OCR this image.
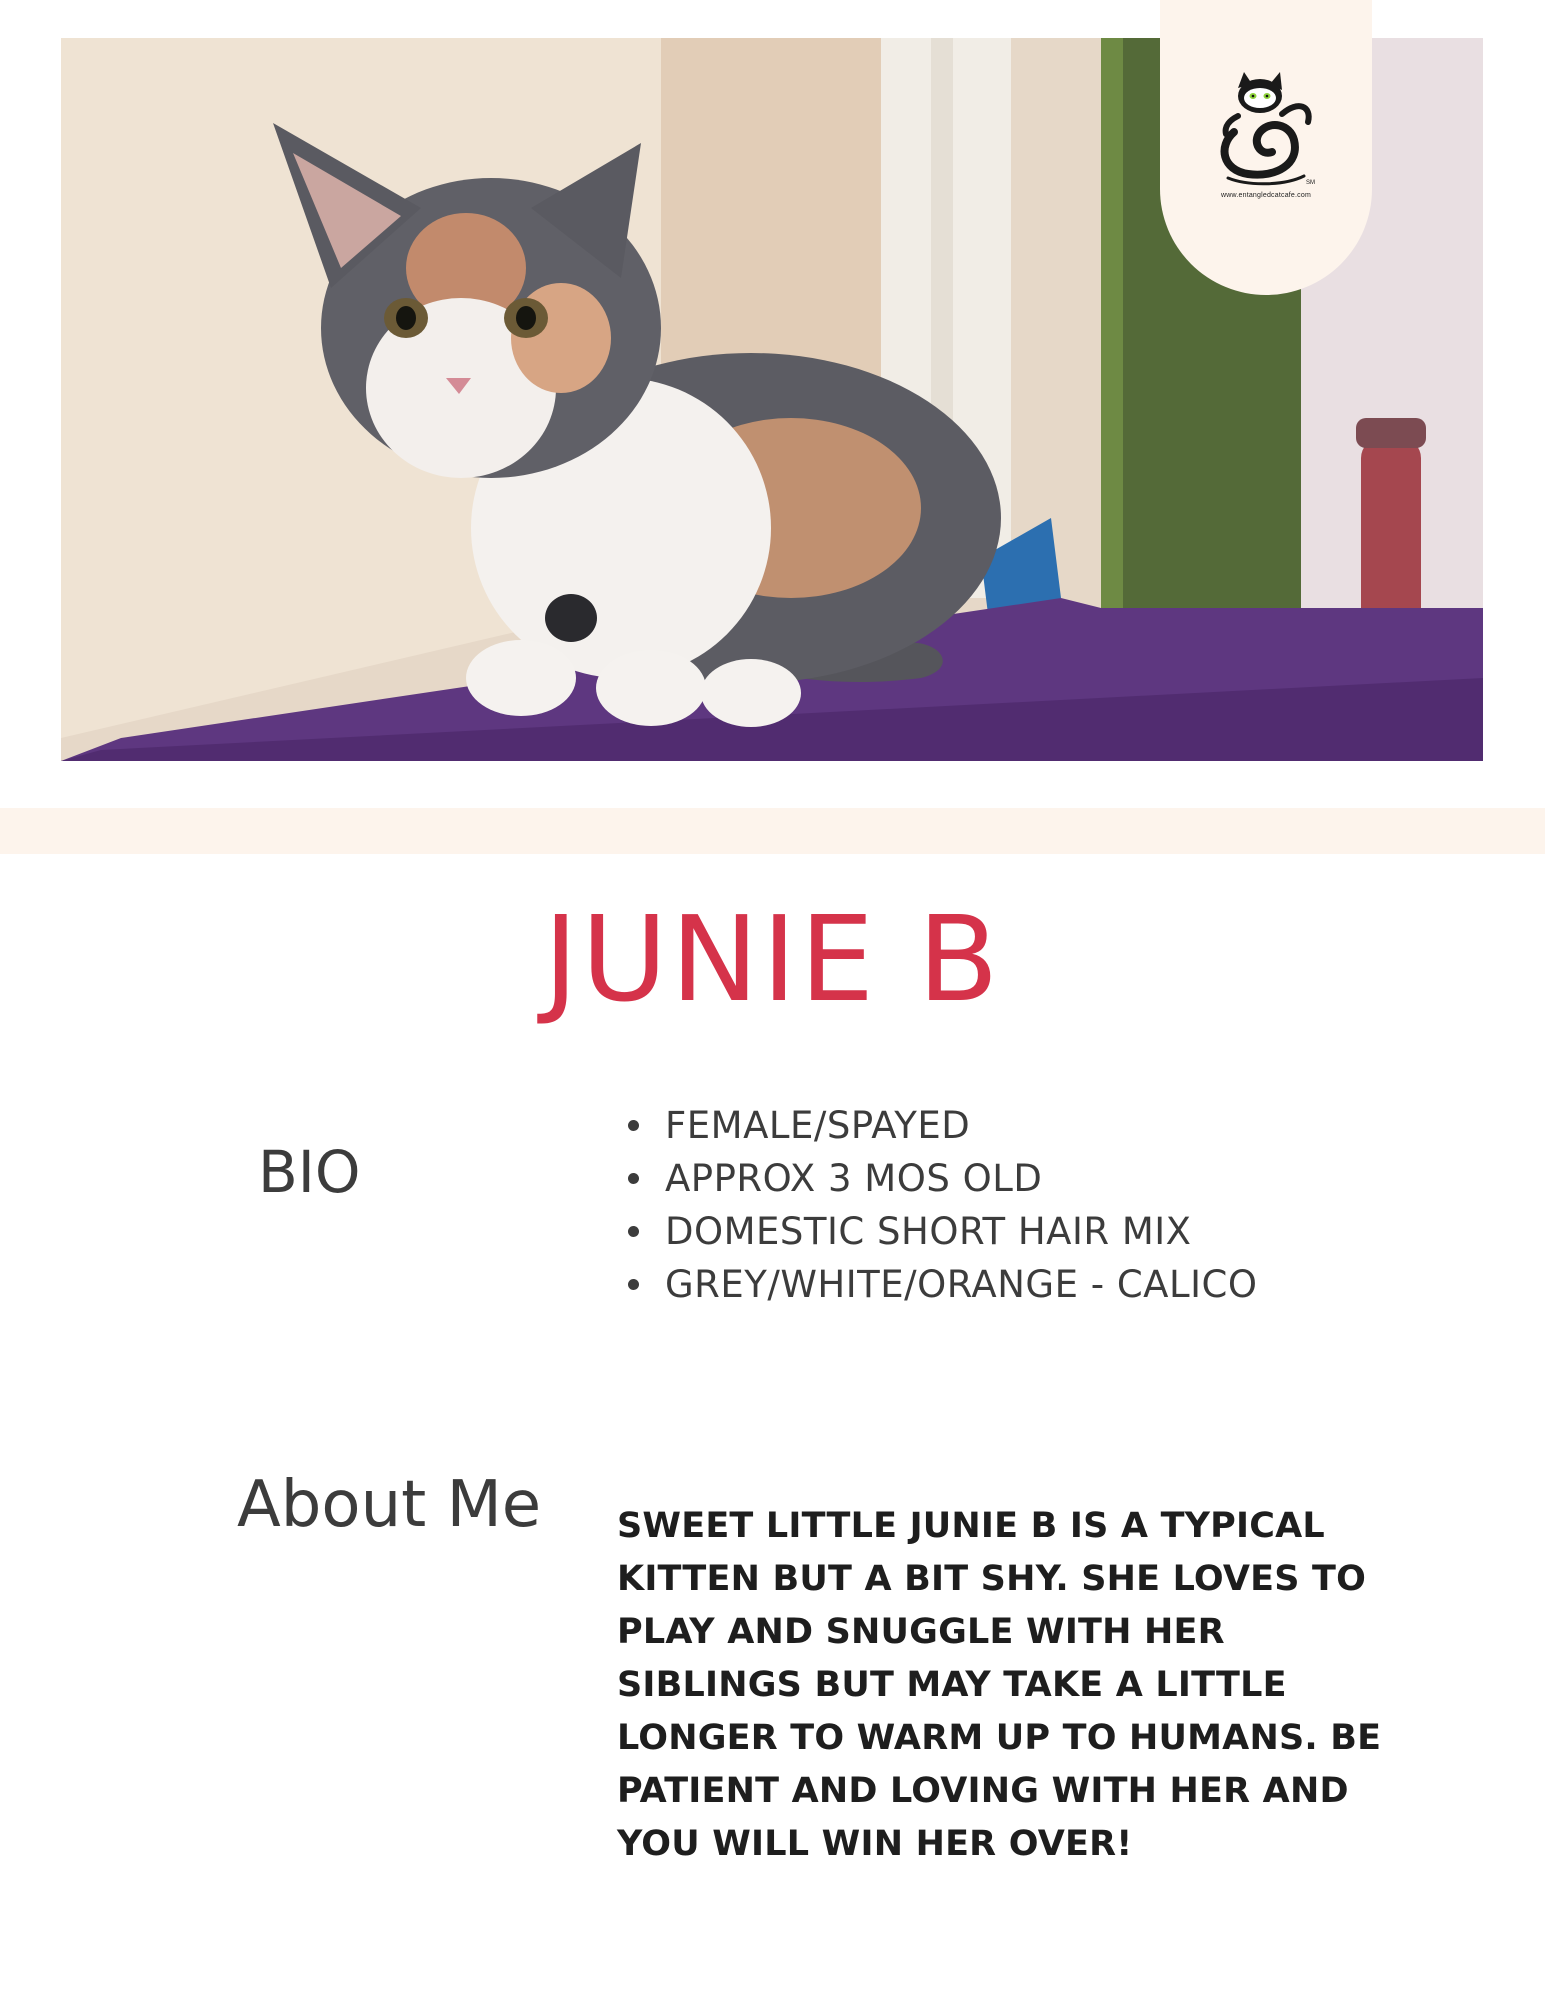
SM
www.entangledcatcafe.com
JUNIE B
BIO
FEMALE/SPAYED
APPROX 3 MOS OLD
DOMESTIC SHORT HAIR MIX
GREY/WHITE/ORANGE - CALICO
About Me SWEET LITTLE JUNIE B IS A TYPICAL KITTEN BUT A BIT SHY. SHE LOVES TO PLAY AND SNUGGLE WITH HER SIBLINGS BUT MAY TAKE A LITTLE LONGER TO WARM UP TO HUMANS. BE PATIENT AND LOVING WITH HER AND YOU WILL WIN HER OVER!
